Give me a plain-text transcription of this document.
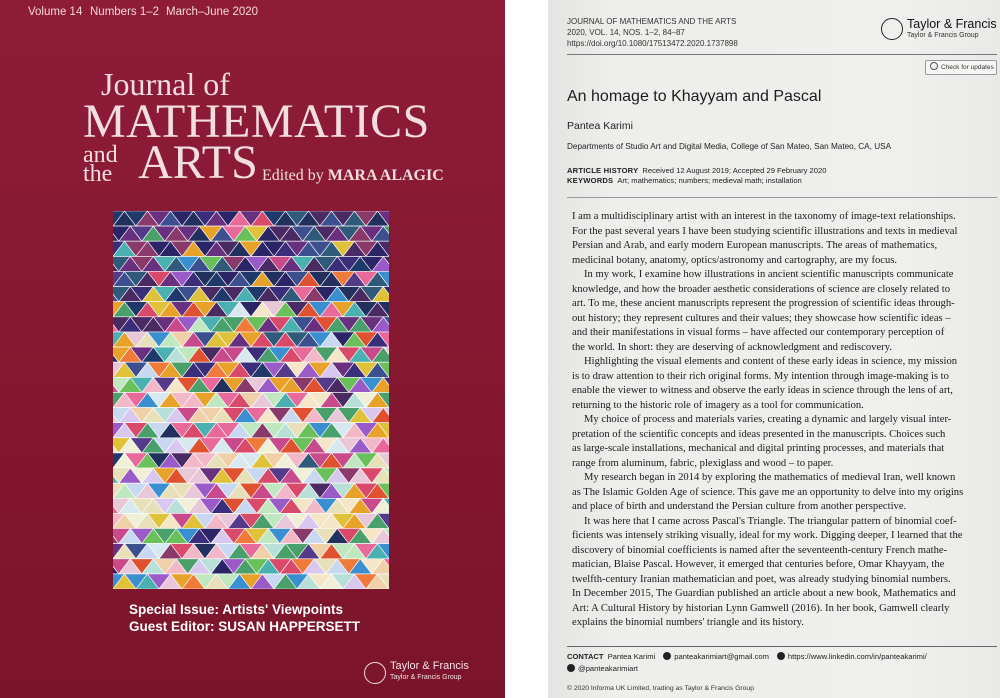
Volume 14 Numbers 1–2 March–June 2020
Journal of
MATHEMATICS
and
the ARTS Edited by MARA ALAGIC
Special Issue: Artists' Viewpoints
Guest Editor: SUSAN HAPPERSETT
Taylor & Francis
Taylor & Francis Group
JOURNAL OF MATHEMATICS AND THE ARTS
2020, VOL. 14, NOS. 1–2, 84–87
https://doi.org/10.1080/17513472.2020.1737898
Taylor & Francis
Taylor & Francis Group
Check for updates
An homage to Khayyam and Pascal
Pantea Karimi
Departments of Studio Art and Digital Media, College of San Mateo, San Mateo, CA, USA
ARTICLE HISTORY Received 12 August 2019; Accepted 29 February 2020
KEYWORDS Art; mathematics; numbers; medieval math; installation
I am a multidisciplinary artist with an interest in the taxonomy of image-text relationships.
For the past several years I have been studying scientific illustrations and texts in medieval
Persian and Arab, and early modern European manuscripts. The areas of mathematics,
medicinal botany, anatomy, optics/astronomy and cartography, are my focus.
In my work, I examine how illustrations in ancient scientific manuscripts communicate
knowledge, and how the broader aesthetic considerations of science are closely related to
art. To me, these ancient manuscripts represent the progression of scientific ideas through-
out history; they represent cultures and their values; they showcase how scientific ideas –
and their manifestations in visual forms – have affected our contemporary perception of
the world. In short: they are deserving of acknowledgment and rediscovery.
Highlighting the visual elements and content of these early ideas in science, my mission
is to draw attention to their rich original forms. My intention through image-making is to
enable the viewer to witness and observe the early ideas in science through the lens of art,
returning to the historic role of imagery as a tool for communication.
My choice of process and materials varies, creating a dynamic and largely visual inter-
pretation of the scientific concepts and ideas presented in the manuscripts. Choices such
as large-scale installations, mechanical and digital printing processes, and materials that
range from aluminum, fabric, plexiglass and wood – to paper.
My research began in 2014 by exploring the mathematics of medieval Iran, well known
as The Islamic Golden Age of science. This gave me an opportunity to delve into my origins
and place of birth and understand the Persian culture from another perspective.
It was here that I came across Pascal's Triangle. The triangular pattern of binomial coef-
ficients was intensely striking visually, ideal for my work. Digging deeper, I learned that the
discovery of binomial coefficients is named after the seventeenth-century French mathe-
matician, Blaise Pascal. However, it emerged that centuries before, Omar Khayyam, the
twelfth-century Iranian mathematician and poet, was already studying binomial numbers.
In December 2015, The Guardian published an article about a new book, Mathematics and
Art: A Cultural History by historian Lynn Gamwell (2016). In her book, Gamwell clearly
explains the binomial numbers' triangle and its history.
CONTACT Pantea Karimi	panteakarimiart@gmail.com	https://www.linkedin.com/in/panteakarimi/
@panteakarimiart
© 2020 Informa UK Limited, trading as Taylor & Francis Group
